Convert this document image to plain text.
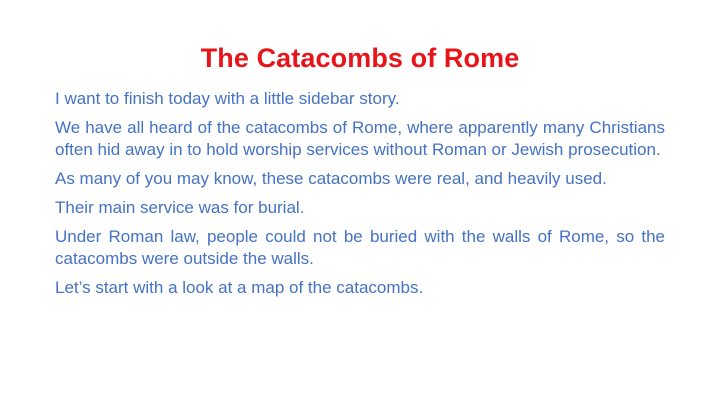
The Catacombs of Rome

I want to finish today with a little sidebar story.

We have all heard of the catacombs of Rome, where apparently many Christians often hid away in to hold worship services without Roman or Jewish prosecution.

As many of you may know, these catacombs were real, and heavily used.

Their main service was for burial.

Under Roman law, people could not be buried with the walls of Rome, so the catacombs were outside the walls.

Let’s start with a look at a map of the catacombs.
